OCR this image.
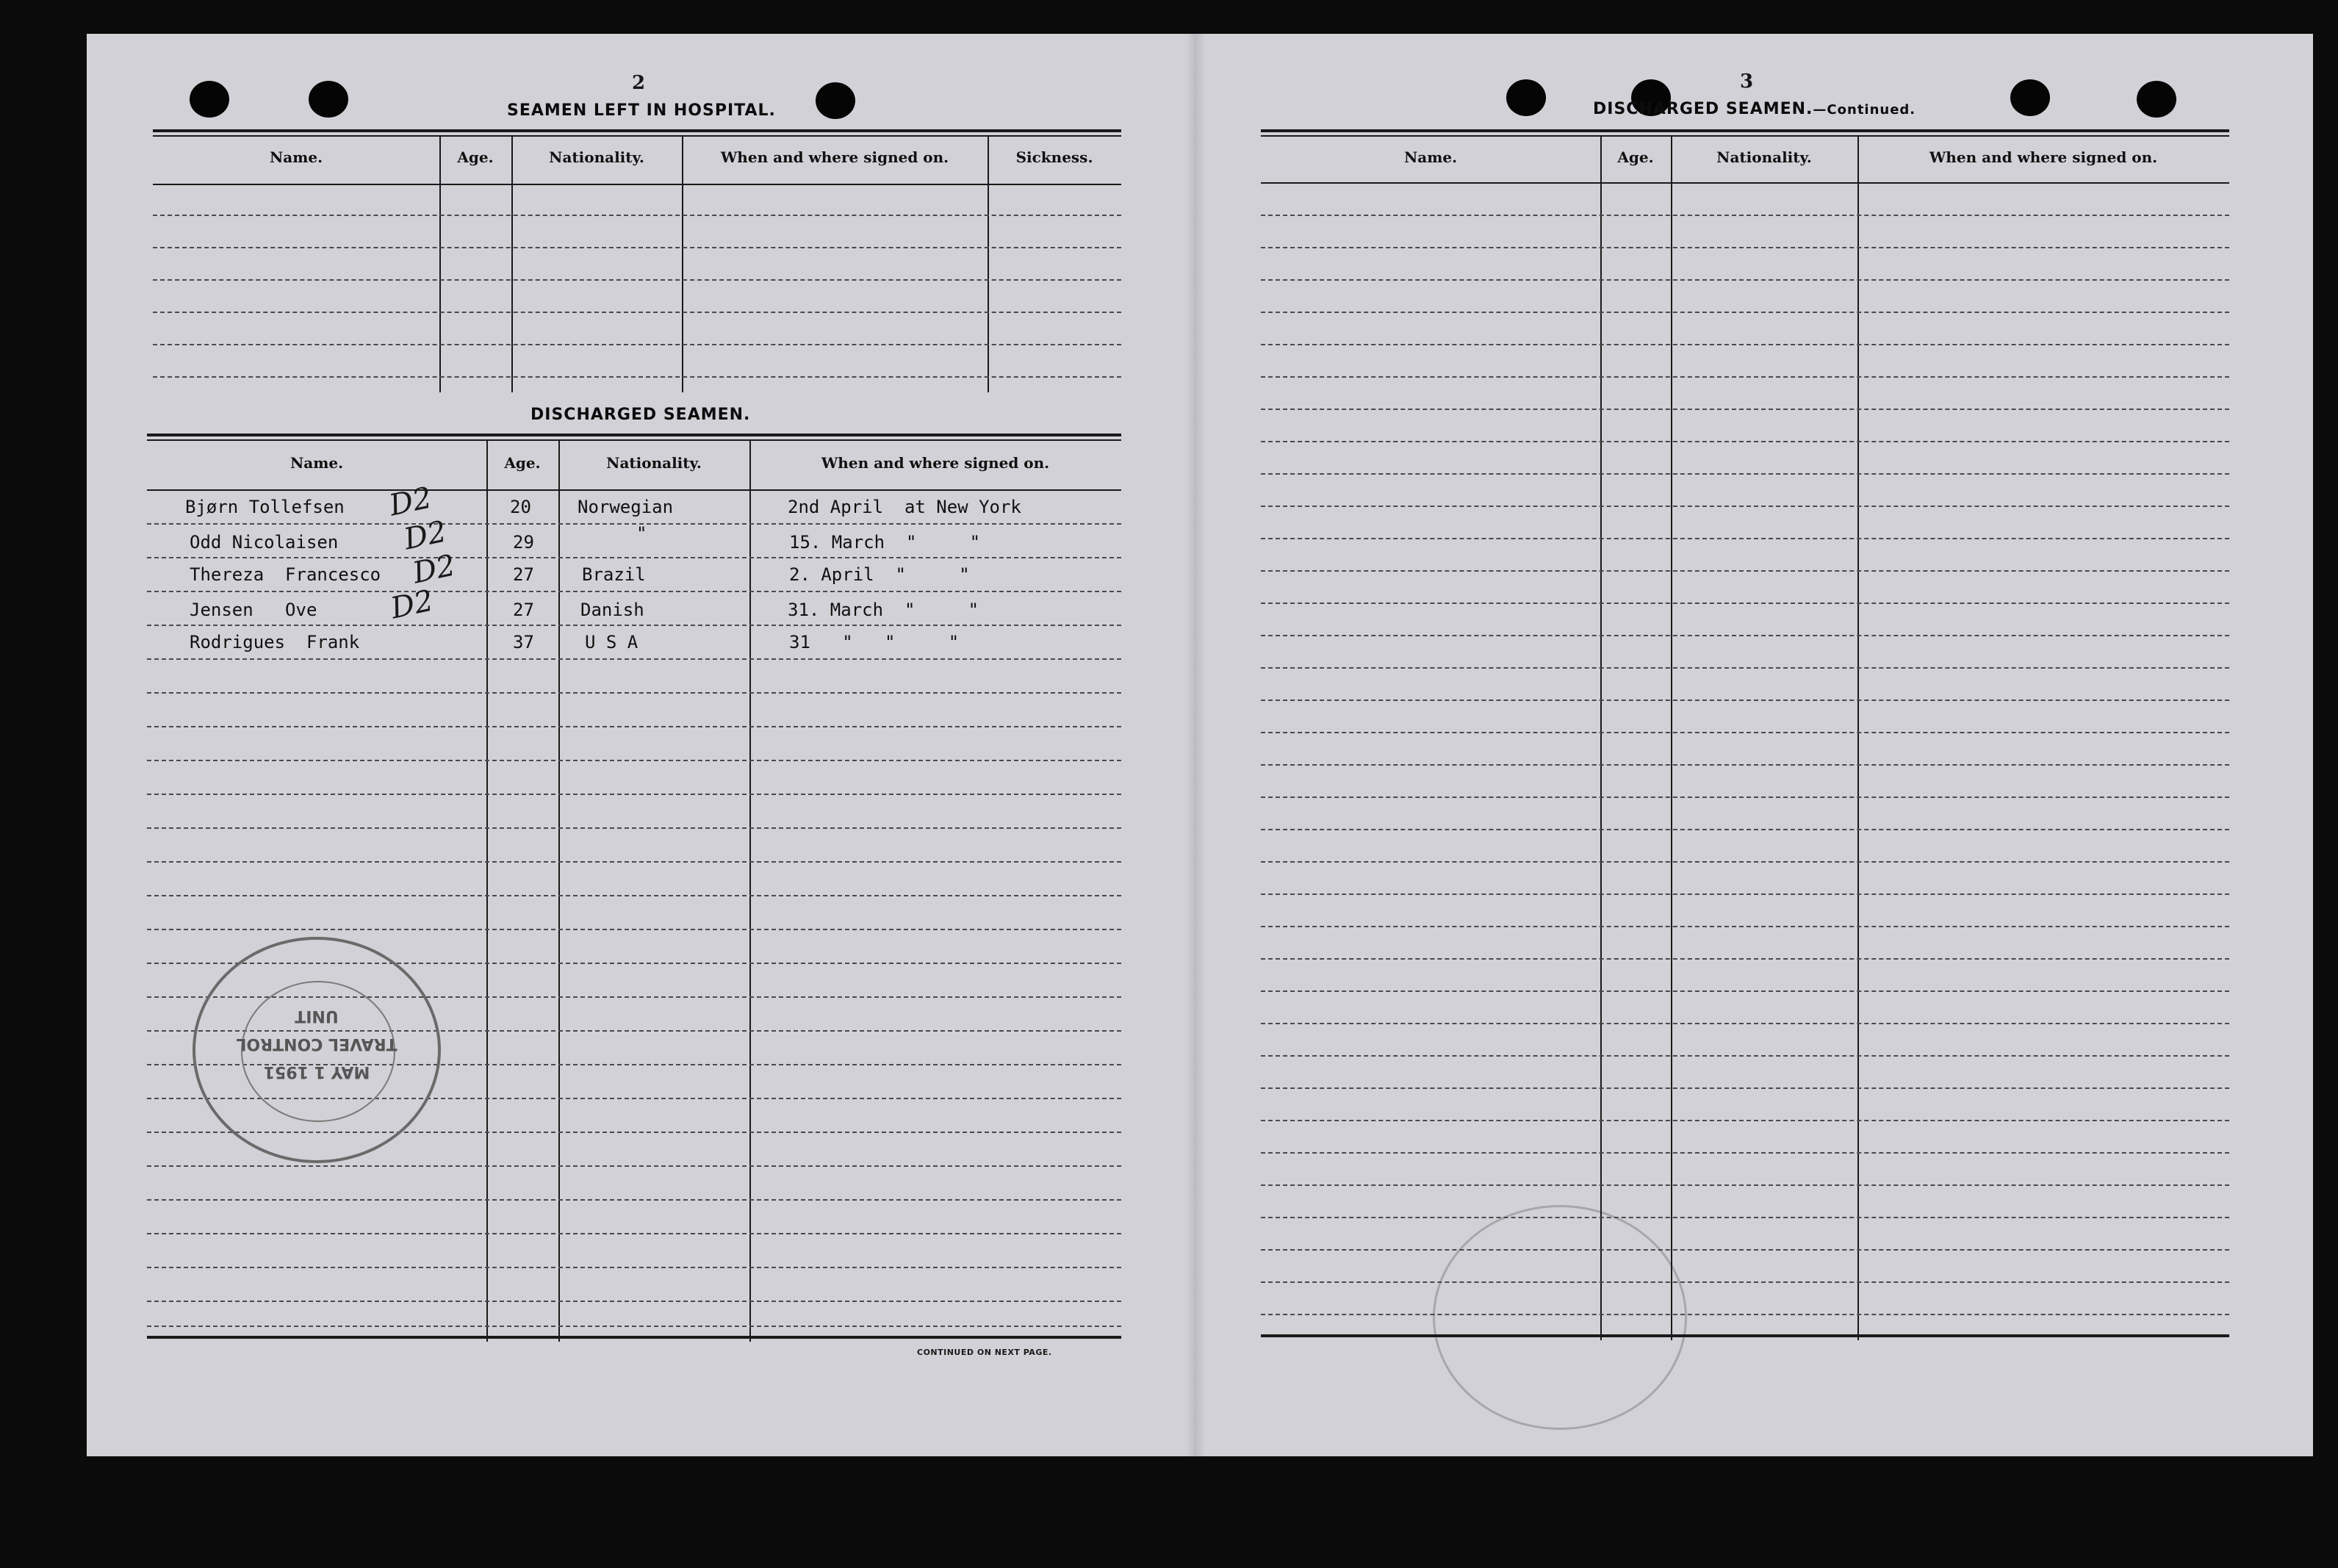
2
SEAMEN LEFT IN HOSPITAL.
Name.	Age.	Nationality.	When and where signed on.	Sickness.
DISCHARGED SEAMEN.
Name.	Age.	Nationality.	When and where signed on.
Bjørn Tollefsen D2	20	Norwegian	2nd April  at New York
Odd Nicolaisen D2	29	"	15. March  "     "
Thereza  Francesco D2	27	Brazil	2. April  "     "
Jensen   Ove D2	27	Danish	31. March  "     "
Rodrigues  Frank	37	U S A	31   "   "     "
CONTINUED ON NEXT PAGE.
MAY 1 1951
TRAVEL CONTROL
UNIT
3
DISCHARGED SEAMEN.—Continued.
Name.	Age.	Nationality.	When and where signed on.
